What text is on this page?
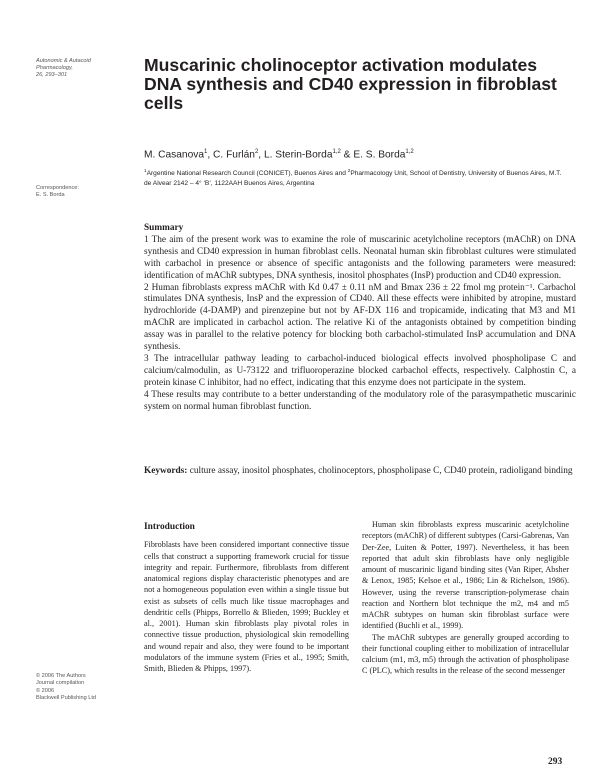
Autonomic & Autacoid
Pharmacology,
26, 293–301
Muscarinic cholinoceptor activation modulates DNA synthesis and CD40 expression in fibroblast cells
M. Casanova$^1$, C. Furlán$^2$, L. Sterin-Borda$^{1,2}$ & E. S. Borda$^{1,2}$
$^1$Argentine National Research Council (CONICET), Buenos Aires and $^2$Pharmacology Unit, School of Dentistry, University of Buenos Aires, M.T. de Alvear 2142 – 4° ‘B’, 1122AAH Buenos Aires, Argentina
Correspondence:
E. S. Borda

Summary

1 The aim of the present work was to examine the role of muscarinic acetylcholine receptors (mAChR) on DNA synthesis and CD40 expression in human fibroblast cells. Neonatal human skin fibroblast cultures were stimulated with carbachol in presence or absence of specific antagonists and the following parameters were measured: identification of mAChR subtypes, DNA synthesis, inositol phosphates (InsP) production and CD40 expression.

2 Human fibroblasts express mAChR with Kd 0.47 ± 0.11 nM and Bmax 236 ± 22 fmol mg protein⁻¹. Carbachol stimulates DNA synthesis, InsP and the expression of CD40. All these effects were inhibited by atropine, mustard hydrochloride (4-DAMP) and pirenzepine but not by AF-DX 116 and tropicamide, indicating that M3 and M1 mAChR are implicated in carbachol action. The relative Ki of the antagonists obtained by competition binding assay was in parallel to the relative potency for blocking both carbachol-stimulated InsP accumulation and DNA synthesis.

3 The intracellular pathway leading to carbachol-induced biological effects involved phospholipase C and calcium/calmodulin, as U-73122 and trifluoroperazine blocked carbachol effects, respectively. Calphostin C, a protein kinase C inhibitor, had no effect, indicating that this enzyme does not participate in the system.

4 These results may contribute to a better understanding of the modulatory role of the parasympathetic muscarinic system on normal human fibroblast function.

Keywords: culture assay, inositol phosphates, cholinoceptors, phospholipase C, CD40 protein, radioligand binding
Introduction

Fibroblasts have been considered important connective tissue cells that construct a supporting framework crucial for tissue integrity and repair. Furthermore, fibroblasts from different anatomical regions display characteristic phenotypes and are not a homogeneous population even within a single tissue but exist as subsets of cells much like tissue macrophages and dendritic cells (Phipps, Borrello & Blieden, 1999; Buckley et al., 2001). Human skin fibroblasts play pivotal roles in connective tissue production, physiological skin remodelling and wound repair and also, they were found to be important modulators of the immune system (Fries et al., 1995; Smith, Smith, Blieden & Phipps, 1997).

Human skin fibroblasts express muscarinic acetylcholine receptors (mAChR) of different subtypes (Carsi-Gabrenas, Van Der-Zee, Luiten & Potter, 1997). Nevertheless, it has been reported that adult skin fibroblasts have only negligible amount of muscarinic ligand binding sites (Van Riper, Absher & Lenox, 1985; Kelsoe et al., 1986; Lin & Richelson, 1986). However, using the reverse transcription-polymerase chain reaction and Northern blot technique the m2, m4 and m5 mAChR subtypes on human skin fibroblast surface were identified (Buchli et al., 1999).

The mAChR subtypes are generally grouped according to their functional coupling either to mobilization of intracellular calcium (m1, m3, m5) through the activation of phospholipase C (PLC), which results in the release of the second messenger

© 2006 The Authors
Journal compilation
© 2006
Blackwell Publishing Ltd
293
